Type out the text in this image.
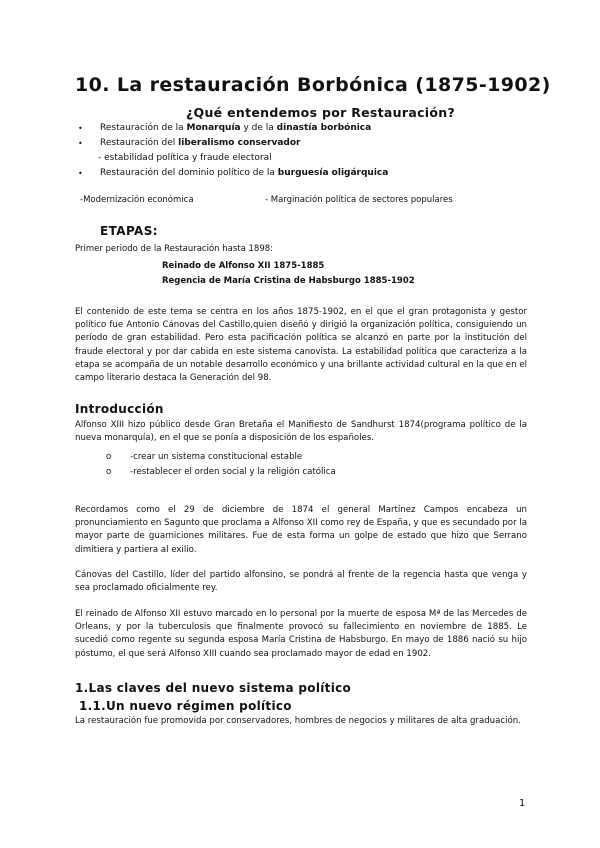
10. La restauración Borbónica (1875-1902)
¿Qué entendemos por Restauración?
• Restauración de la Monarquía y de la dinastía borbónica
• Restauración del liberalismo conservador
- estabilidad política y fraude electoral
• Restauración del dominio político de la burguesía oligárquica
-Modernización económica	- Marginación política de sectores populares
ETAPAS:
Primer periodo de la Restauración hasta 1898:
Reinado de Alfonso XII 1875-1885
Regencia de María Cristina de Habsburgo 1885-1902
El contenido de este tema se centra en los años 1875-1902, en el que el gran protagonista y gestor político fue Antonio Cánovas del Castillo,quien diseñó y dirigió la organización política, consiguiendo un período de gran estabilidad. Pero esta pacificación política se alcanzó en parte por la institución del fraude electoral y por dar cabida en este sistema canovista. La estabilidad política que caracteriza a la etapa se acompaña de un notable desarrollo económico y una brillante actividad cultural en la que en el campo literario destaca la Generación del 98.
Introducción
Alfonso XIII hizo público desde Gran Bretaña el Manifiesto de Sandhurst 1874(programa político de la nueva monarquía), en el que se ponía a disposición de los españoles.
o -crear un sistema constitucional estable
o -restablecer el orden social y la religión católica
Recordamos como el 29 de diciembre de 1874 el general Martínez Campos encabeza un pronunciamiento en Sagunto que proclama a Alfonso XII como rey de España, y que es secundado por la mayor parte de guarniciones militares. Fue de esta forma un golpe de estado que hizo que Serrano dimitiera y partiera al exilio.
Cánovas del Castillo, líder del partido alfonsino, se pondrá al frente de la regencia hasta que venga y sea proclamado oficialmente rey.
El reinado de Alfonso XII estuvo marcado en lo personal por la muerte de esposa Mª de las Mercedes de Orleans, y por la tuberculosis que finalmente provocó su fallecimiento en noviembre de 1885. Le sucedió como regente su segunda esposa María Cristina de Habsburgo. En mayo de 1886 nació su hijo póstumo, el que será Alfonso XIII cuando sea proclamado mayor de edad en 1902.
1.Las claves del nuevo sistema político
1.1.Un nuevo régimen político
La restauración fue promovida por conservadores, hombres de negocios y militares de alta graduación.
1
